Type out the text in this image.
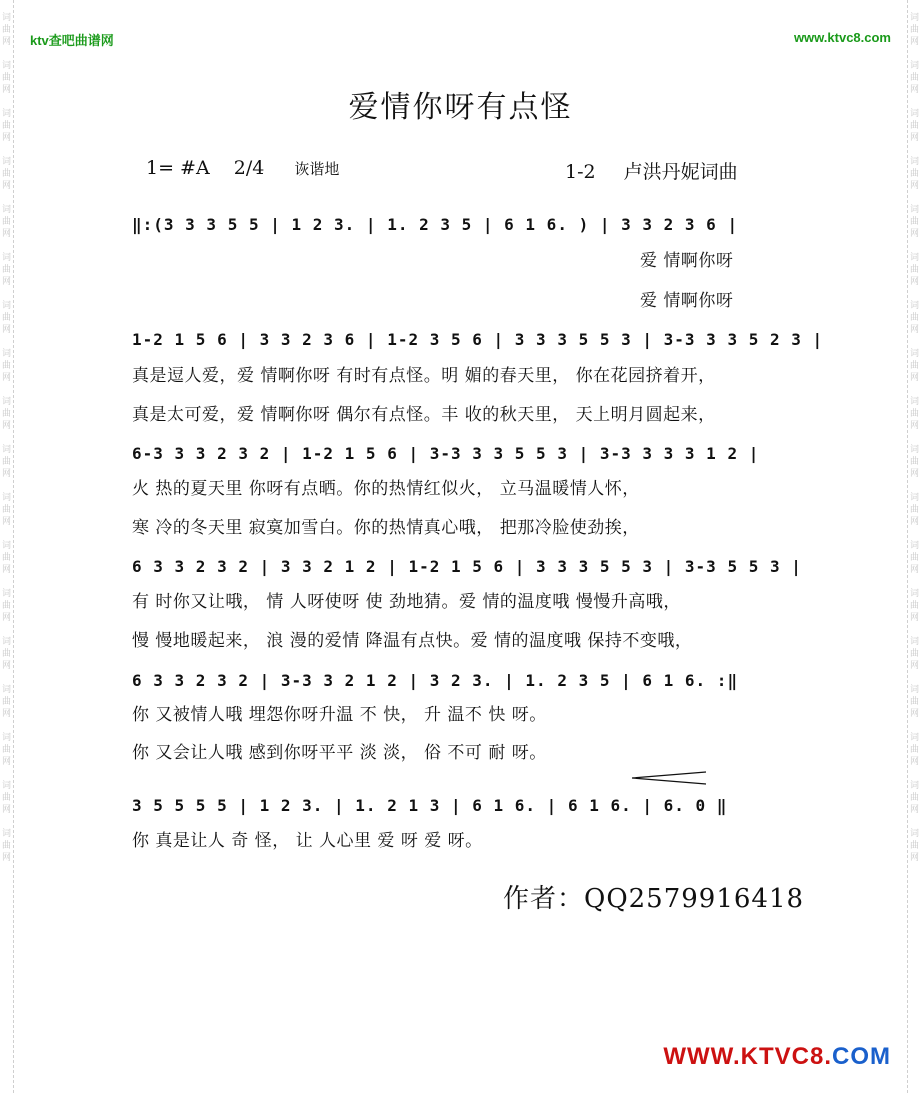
词
曲
网
词
曲
网
词
曲
网
词
曲
网
词
曲
网
词
曲
网
词
曲
网
词
曲
网
词
曲
网
词
曲
网
词
曲
网
词
曲
网
词
曲
网
词
曲
网
词
曲
网
词
曲
网
词
曲
网
词
曲
网
词
曲
网
词
曲
网
词
曲
网
词
曲
网
词
曲
网
词
曲
网
词
曲
网
词
曲
网
词
曲
网
词
曲
网
词
曲
网
词
曲
网
词
曲
网
词
曲
网
词
曲
网
词
曲
网
词
曲
网
词
曲
网
ktv查吧曲谱网	www.ktvc8.com
爱情你呀有点怪
1= #A 2/4 诙谐地	1-2 卢洪丹妮词曲
‖:(3 3 3 5 5 | 1 2 3. | 1. 2 3 5 | 6 1 6. ) | 3 3 2 3 6 |
爱 情啊你呀
爱 情啊你呀
1-2 1 5 6 | 3 3 2 3 6 | 1-2 3 5 6 | 3 3 3 5 5 3 | 3-3 3 3 5 2 3 |
真是逗人爱，爱 情啊你呀 有时有点怪。明 媚的春天里， 你在花园挤着开，
真是太可爱，爱 情啊你呀 偶尔有点怪。丰 收的秋天里， 天上明月圆起来，
6-3 3 3 2 3 2 | 1-2 1 5 6 | 3-3 3 3 5 5 3 | 3-3 3 3 3 1 2 |
火 热的夏天里 你呀有点晒。你的热情红似火， 立马温暖情人怀，
寒 冷的冬天里 寂寞加雪白。你的热情真心哦， 把那冷脸使劲挨，
6 3 3 2 3 2 | 3 3 2 1 2 | 1-2 1 5 6 | 3 3 3 5 5 3 | 3-3 5 5 3 |
有 时你又让哦， 情 人呀使呀 使 劲地猜。爱 情的温度哦 慢慢升高哦，
慢 慢地暖起来， 浪 漫的爱情 降温有点快。爱 情的温度哦 保持不变哦，
6 3 3 2 3 2 | 3-3 3 2 1 2 | 3 2 3. | 1. 2 3 5 | 6 1 6. :‖
你 又被情人哦 埋怨你呀升温 不 快， 升 温不 快 呀。
你 又会让人哦 感到你呀平平 淡 淡， 俗 不可 耐 呀。
3 5 5 5 5 | 1 2 3. | 1. 2 1 3 | 6 1 6. | 6 1 6. | 6. 0 ‖
你 真是让人 奇 怪， 让 人心里 爱 呀 爱 呀。
作者：QQ2579916418
WWW.KTVC8.COM
